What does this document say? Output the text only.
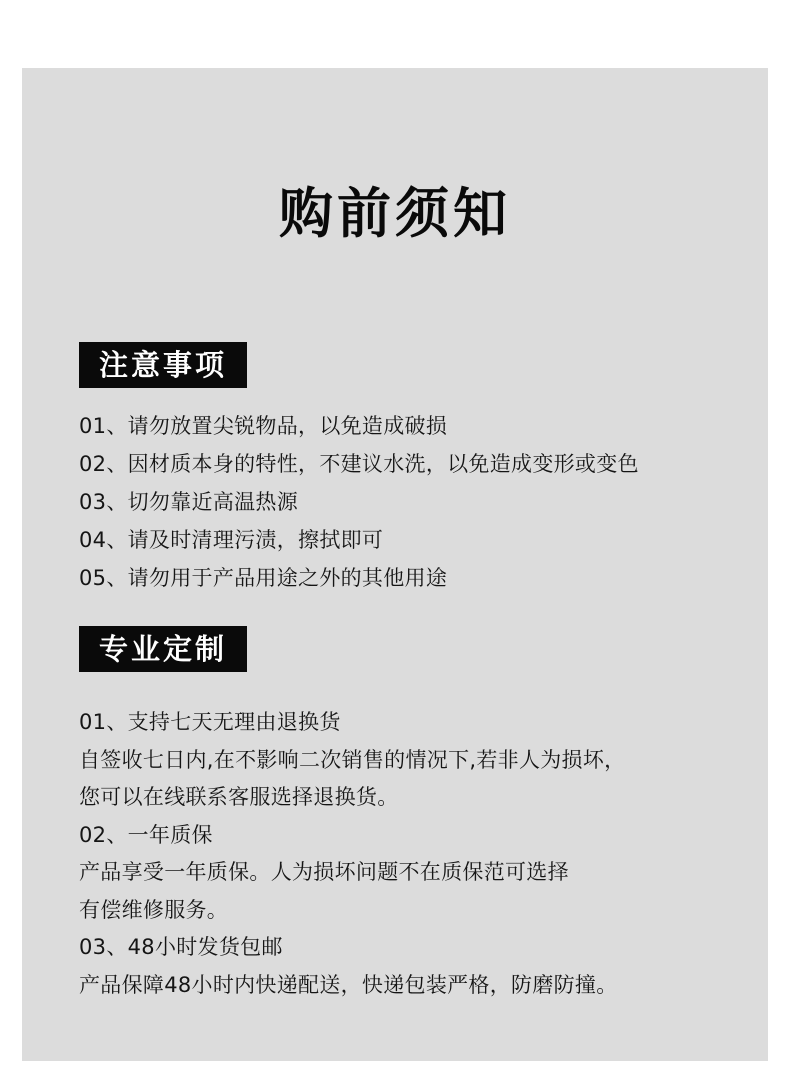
购前须知
注意事项
01、请勿放置尖锐物品，以免造成破损
02、因材质本身的特性，不建议水洗，以免造成变形或变色
03、切勿靠近高温热源
04、请及时清理污渍，擦拭即可
05、请勿用于产品用途之外的其他用途
专业定制
01、支持七天无理由退换货
自签收七日内,在不影响二次销售的情况下,若非人为损坏，
您可以在线联系客服选择退换货。
02、一年质保
产品享受一年质保。人为损坏问题不在质保范可选择
有偿维修服务。
03、48小时发货包邮
产品保障48小时内快递配送，快递包装严格，防磨防撞。
